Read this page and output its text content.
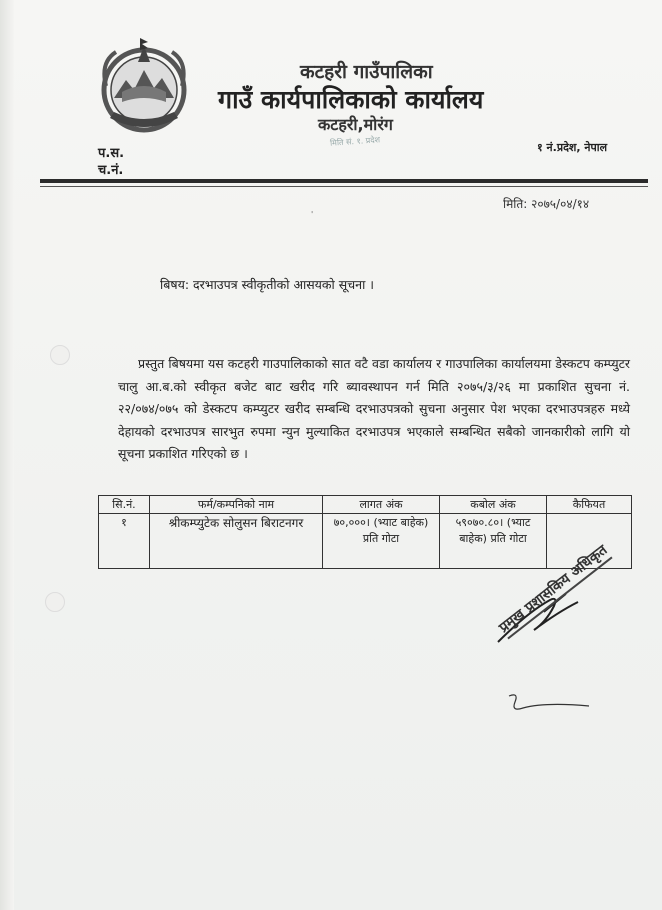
कटहरी गाउँपालिका
गाउँ कार्यपालिकाको कार्यालय
कटहरी,मोरंग
मिति सं. १. प्रदेश
प.स.
च.नं.
१ नं.प्रदेश, नेपाल
मिति: २०७५/०४/१४
'
बिषय: दरभाउपत्र स्वीकृतीको आसयको सूचना ।
प्रस्तुत बिषयमा यस कटहरी गाउपालिकाको सात वटै वडा कार्यालय र गाउपालिका कार्यालयमा डेस्कटप कम्प्युटर चालु आ.ब.को स्वीकृत बजेट बाट खरीद गरि ब्यावस्थापन गर्न मिति २०७५/३/२६ मा प्रकाशित सुचना नं. २२/०७४/०७५ को डेस्कटप कम्प्युटर खरीद सम्बन्धि दरभाउपत्रको सुचना अनुसार पेश भएका दरभाउपत्रहरु मध्ये देहायको दरभाउपत्र सारभुत रुपमा न्युन मुल्याकित दरभाउपत्र भएकाले सम्बन्धित सबैको जानकारीको लागि यो सूचना प्रकाशित गरिएको छ ।
सि.नं.	फर्म/कम्पनिको नाम	लागत अंक	कबोल अंक	कैफियत
१	श्रीकम्प्युटेक सोलुसन बिराटनगर	७०,०००। (भ्याट बाहेक) प्रति गोटा	५९०७०.८०। (भ्याट बाहेक) प्रति गोटा	
प्रमुख प्रशासकिय अधिकृत
